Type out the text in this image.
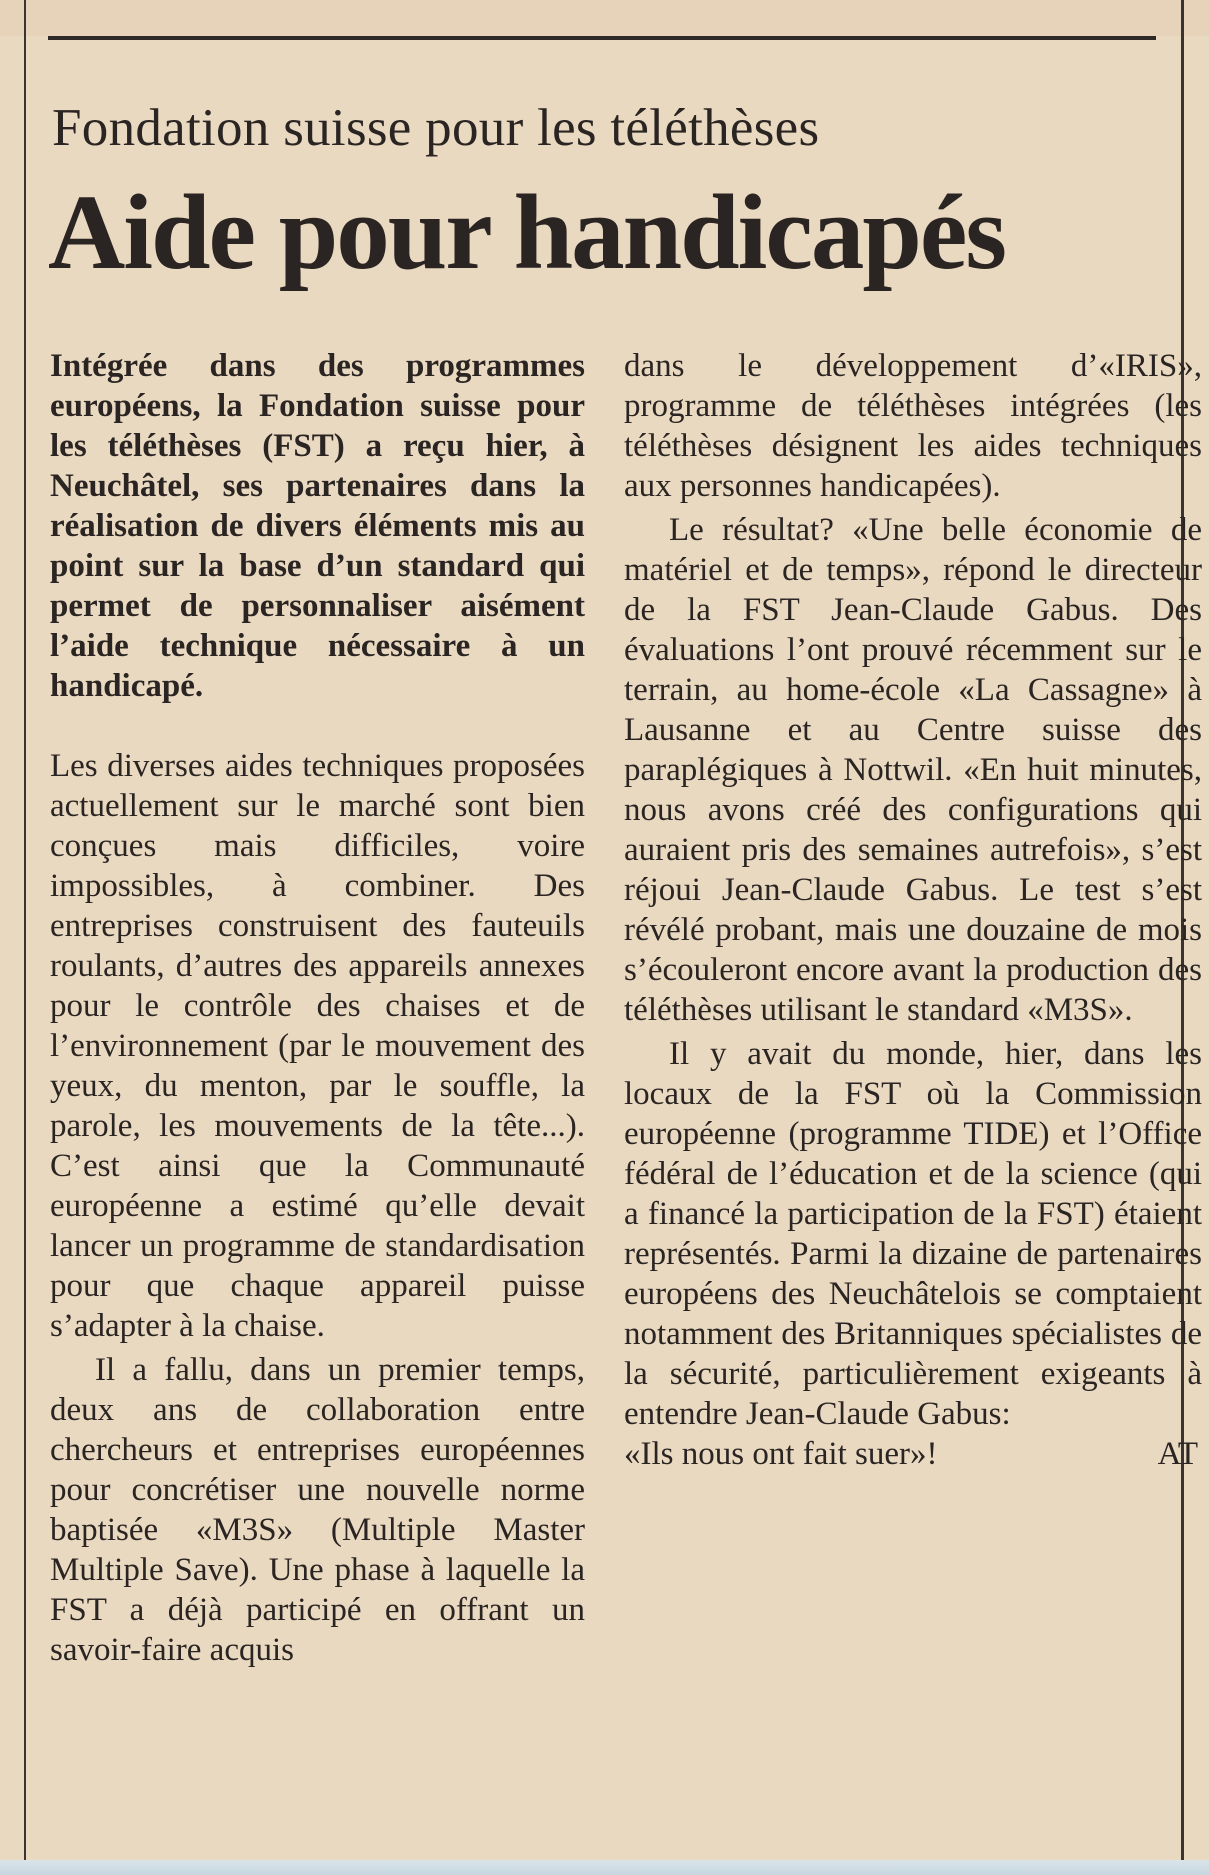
Fondation suisse pour les téléthèses
Aide pour handicapés

Intégrée dans des programmes européens, la Fondation suisse pour les téléthèses (FST) a reçu hier, à Neuchâtel, ses partenaires dans la réalisation de divers éléments mis au point sur la base d’un standard qui permet de personnaliser aisément l’aide technique nécessaire à un handicapé.

Les diverses aides techniques proposées actuellement sur le marché sont bien conçues mais difficiles, voire impossibles, à combiner. Des entreprises construisent des fauteuils roulants, d’autres des appareils annexes pour le contrôle des chaises et de l’environnement (par le mouvement des yeux, du menton, par le souffle, la parole, les mouvements de la tête...). C’est ainsi que la Communauté européenne a estimé qu’elle devait lancer un programme de standardisation pour que chaque appareil puisse s’adapter à la chaise.

Il a fallu, dans un premier temps, deux ans de collaboration entre chercheurs et entreprises européennes pour concrétiser une nouvelle norme baptisée «M3S» (Multiple Master Multiple Save). Une phase à laquelle la FST a déjà participé en offrant un savoir-faire acquis

dans le développement d’«IRIS», programme de téléthèses intégrées (les téléthèses désignent les aides techniques aux personnes handicapées).

Le résultat? «Une belle économie de matériel et de temps», répond le directeur de la FST Jean-Claude Gabus. Des évaluations l’ont prouvé récemment sur le terrain, au home-école «La Cassagne» à Lausanne et au Centre suisse des paraplégiques à Nottwil. «En huit minutes, nous avons créé des configurations qui auraient pris des semaines autrefois», s’est réjoui Jean-Claude Gabus. Le test s’est révélé probant, mais une douzaine de mois s’écouleront encore avant la production des téléthèses utilisant le standard «M3S».

Il y avait du monde, hier, dans les locaux de la FST où la Commission européenne (programme TIDE) et l’Office fédéral de l’éducation et de la science (qui a financé la participation de la FST) étaient représentés. Parmi la dizaine de partenaires européens des Neuchâtelois se comptaient notamment des Britanniques spécialistes de la sécurité, particulièrement exigeants à entendre Jean-Claude Gabus:

«Ils nous ont fait suer»!	AT
